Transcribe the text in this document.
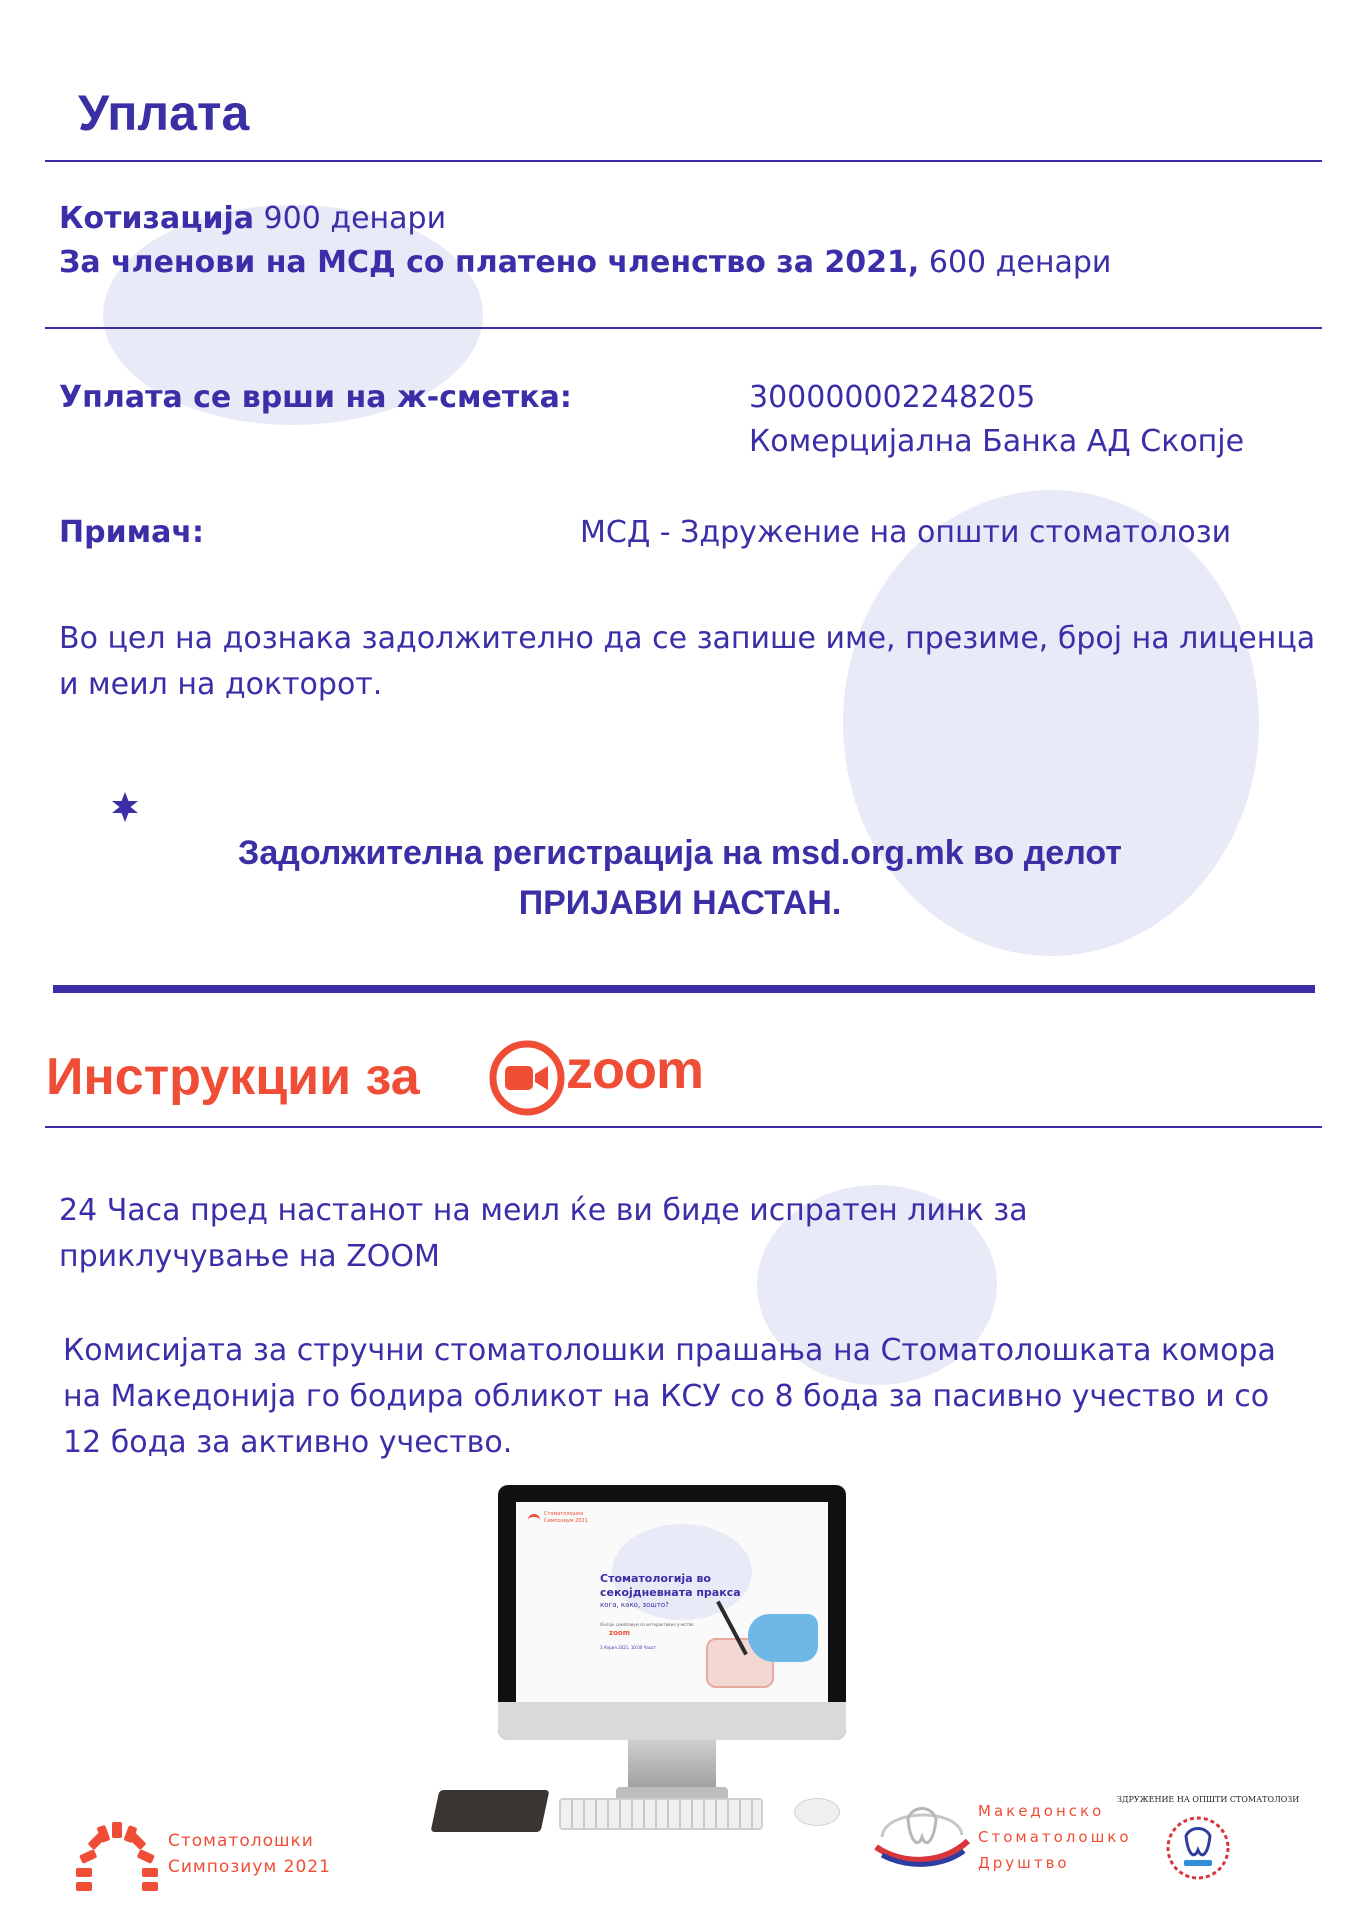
Уплата
Котизација 900 денари
За членови на МСД со платено членство за 2021, 600 денари
Уплата се врши на ж-сметка:	300000002248205
Комерцијална Банка АД Скопје
Примач:	МСД - Здружение на општи стоматолози
Во цел на дознака задолжително да се запише име, презиме, број на лиценца и меил на докторот.
Задолжителна регистрација на msd.org.mk во делот
ПРИЈАВИ НАСТАН.
Инструкции за	zoom
24 Часа пред настанот на меил ќе ви биде испратен линк за приклучување на ZOOM
Комисијата за стручни стоматолошки прашања на Стоматолошката комора на Македонија го бодира обликот на КСУ со 8 бода за пасивно учество и со 12 бода за активно учество.
Стоматолошки
Симпозиум 2021
Стоматологија во
секојдневната пракса
кога, како, зошто?
Онлајн симпозиум со интерактивно учество
zoom
3 Април 2021, 10:00 Часот
Стоматолошки
Симпозиум 2021
Македонско
Стоматолошко
Друштво
ЗДРУЖЕНИЕ НА ОПШТИ СТОМАТОЛОЗИ
